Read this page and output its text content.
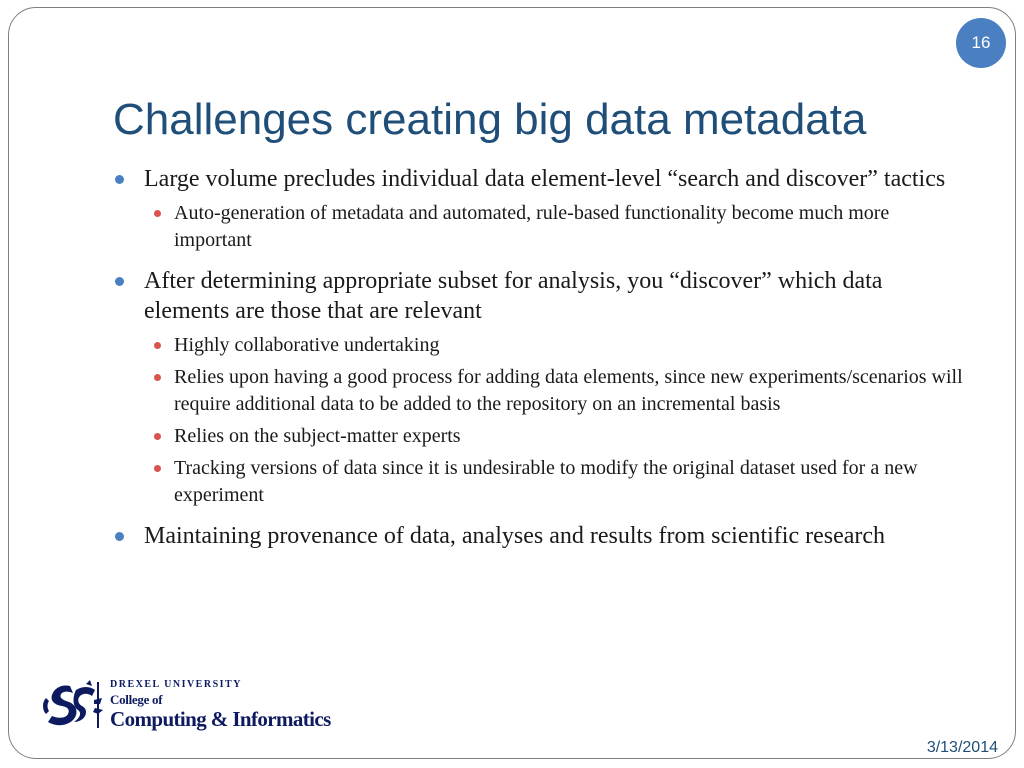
16
Challenges creating big data metadata
Large volume precludes individual data element-level “search and discover” tactics
Auto-generation of metadata and automated, rule-based functionality become much more important
After determining appropriate subset for analysis, you “discover” which data elements are those that are relevant
Highly collaborative undertaking
Relies upon having a good process for adding data elements, since new experiments/scenarios will require additional data to be added to the repository on an incremental basis
Relies on the subject-matter experts
Tracking versions of data since it is undesirable to modify the original dataset used for a new experiment
Maintaining provenance of data, analyses and results from scientific research
DREXEL UNIVERSITY
College of
Computing & Informatics
3/13/2014
